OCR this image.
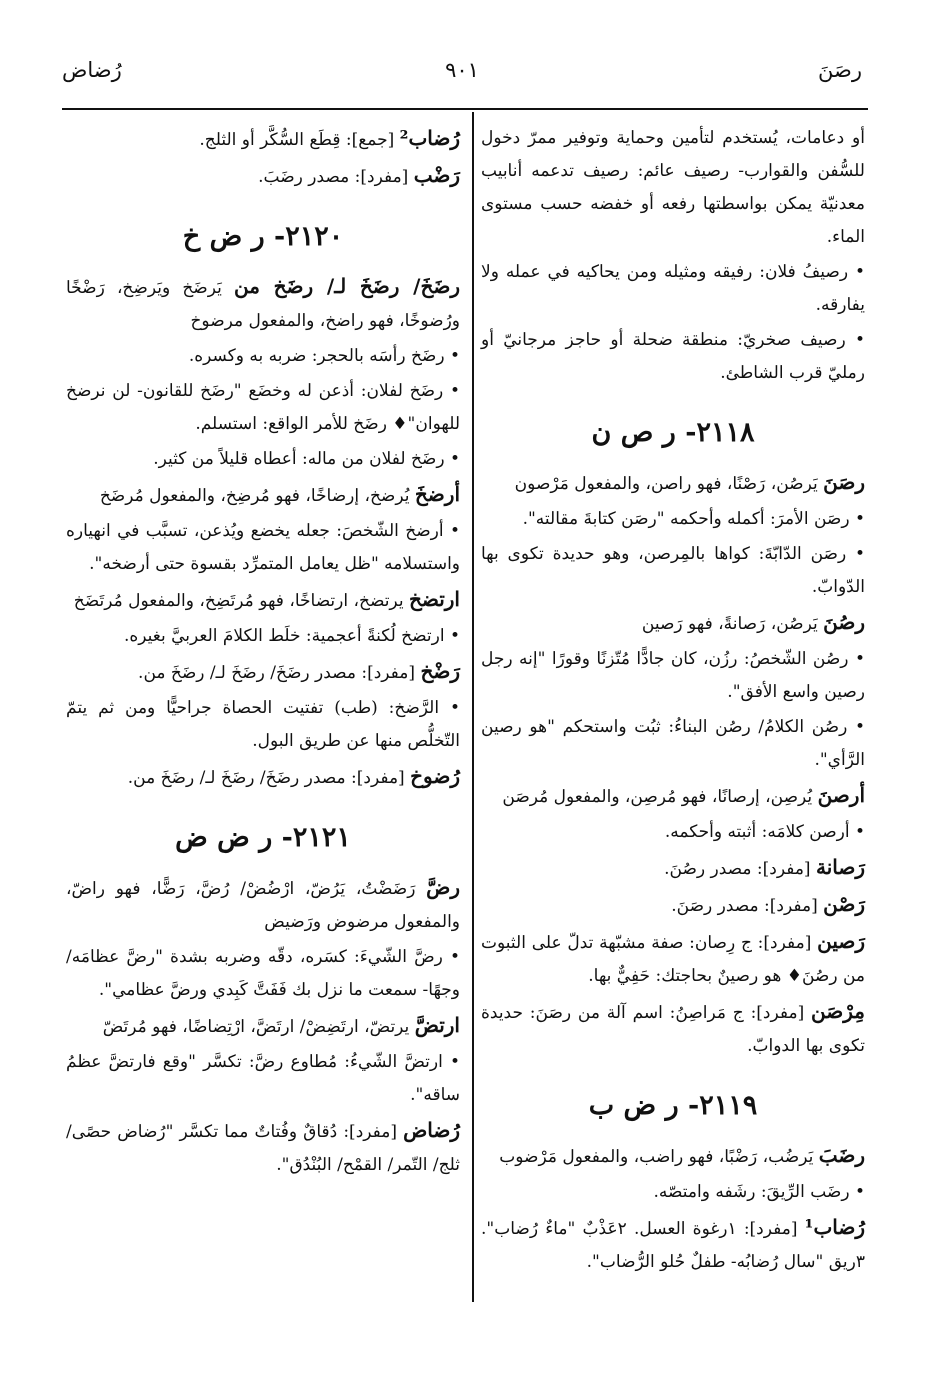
رصَنَ
٩٠١
رُضاض

أو دعامات، يُستخدم لتأمين وحماية وتوفير ممرّ دخول للسُّفن والقوارب- رصيف عائم: رصيف تدعمه أنابيب معدنيّة يمكن بواسطتها رفعه أو خفضه حسب مستوى الماء.

• رصيفُ فلان: رفيقه ومثيله ومن يحاكيه في عمله ولا يفارقه.

• رصيف صخريّ: منطقة ضحلة أو حاجز مرجانيّ أو رمليّ قرب الشاطئ.

٢١١٨- ر ص ن

رصَنَ يَرصُن، رَصْنًا، فهو راصن، والمفعول مَرْصون

• رصَن الأمرَ: أكمله وأحكمه "رصَن كتابةَ مقالته".

• رصَن الدّابّةَ: كواها بالمِرصن، وهو حديدة تكوى بها الدّوابّ.

رصُنَ يَرصُن، رَصانةً، فهو رَصين

• رصُن الشّخصُ: رزُن، كان جادًّا مُتّزنًا وقورًا "إنه رجل رصين واسع الأفق".

• رصُن الكلامُ/ رصُن البناءُ: ثبُت واستحكم "هو رصين الرَّأي".

أرصنَ يُرصِن، إرصانًا، فهو مُرصِن، والمفعول مُرصَن

• أرصن كلامَه: أثبته وأحكمه.

رَصانة [مفرد]: مصدر رصُنَ.

رَصْن [مفرد]: مصدر رصَنَ.

رَصين [مفرد]: ج رِصان: صفة مشبّهة تدلّ على الثبوت من رصُنَ♦ هو رصينٌ بحاجتك: حَفِيٌّ بها.

مِرْصَن [مفرد]: ج مَراصِنُ: اسم آلة من رصَنَ: حديدة تكوى بها الدوابّ.

٢١١٩- ر ض ب

رضَبَ يَرضُب، رَضْبًا، فهو راضب، والمفعول مَرْضوب

• رضَب الرِّيقَ: رشَفه وامتصّه.

رُضاب¹ [مفرد]: ١رغوة العسل. ٢عَذْبٌ "ماءٌ رُضاب". ٣ريق "سال رُضابُه- طفلٌ حُلو الرُّضاب".

رُضاب² [جمع]: قِطَع السُّكَّر أو الثلج.

رَضْب [مفرد]: مصدر رضَبَ.

٢١٢٠- ر ض خ

رضَخَ/ رضَخَ لـ/ رضَخ من يَرضَخ ويَرضِخ، رَضْخًا ورُضوخًا، فهو راضخ، والمفعول مرضوخ

• رضَخ رأسَه بالحجر: ضربه به وكسره.

• رضَخ لفلان: أذعن له وخضَع "رضَخ للقانون- لن نرضخ للهوان"♦ رضَخ للأمر الواقع: استسلم.

• رضَخ لفلان من ماله: أعطاه قليلاً من كثير.

أرضخَ يُرضخ، إرضاخًا، فهو مُرضِخ، والمفعول مُرضَخ

• أرضخ الشّخصَ: جعله يخضع ويُذعن، تسبَّب في انهياره واستسلامه "ظل يعامل المتمرِّد بقسوة حتى أرضخه".

ارتضخ يرتضخ، ارتضاخًا، فهو مُرتَضِخ، والمفعول مُرتَضَخ

• ارتضخ لُكنةً أعجمية: خلَط الكلامَ العربيَّ بغيره.

رَضْخ [مفرد]: مصدر رضَخَ/ رضَخَ لـ/ رضَخَ من.

• الرَّضخ: (طب) تفتيت الحصاة جراحيًّا ومن ثم يتمّ التّخلُّص منها عن طريق البول.

رُضوخ [مفرد]: مصدر رضَخَ/ رضَخَ لـ/ رضَخَ من.

٢١٢١- ر ض ض

رضَّ رَضَضْتُ، يَرُضّ، ارْضُضْ/ رُضَّ، رَضًّا، فهو راضّ، والمفعول مرضوض ورَضيض

• رضَّ الشّيءَ: كسَره، دقّه وضربه بشدة "رضَّ عظامَه/ وجهًا- سمعت ما نزل بك فَفَتَّ كَبِدي ورضَّ عظامي".

ارتضَّ يرتضّ، ارتَضِضْ/ ارتَضَّ، ارْتِضاضًا، فهو مُرتَضّ

• ارتضَّ الشّيءُ: مُطاوع رضَّ: تكسَّر "وقع فارتضَّ عظمُ ساقه".

رُضاض [مفرد]: دُقاقٌ وفُتاتٌ مما تكسَّر "رُضاض حصًى/ ثلج/ التّمر/ القمْح/ البُنْدُق".
